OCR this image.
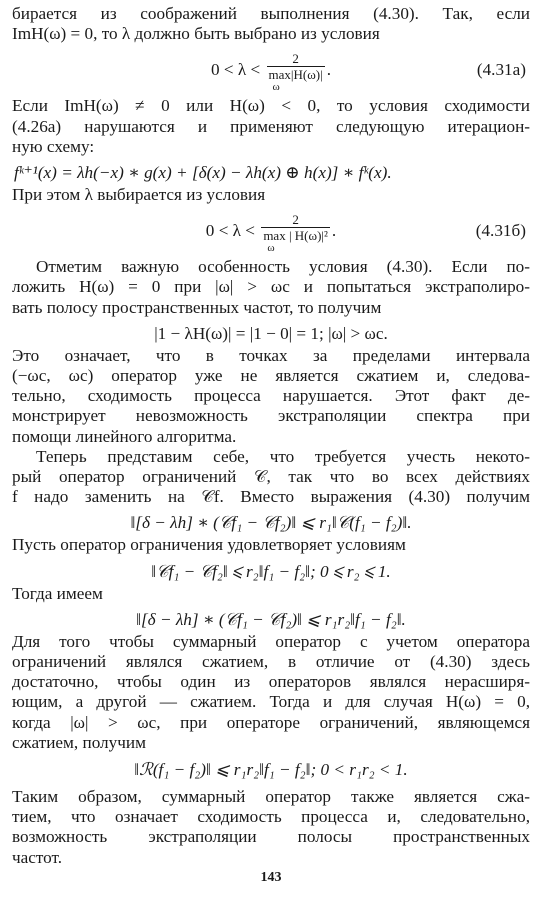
бирается из соображений выполнения (4.30). Так, если
ImH(ω) = 0, то λ должно быть выбрано из условия
0 < λ <
2
max|H(ω)|
ω
.	(4.31а)
Если ImH(ω) ≠ 0 или H(ω) < 0, то условия сходимости
(4.26а) нарушаются и применяют следующую итерацион-
ную схему:
fᵏ⁺¹(x) = λh(−x) ∗ g(x) + [δ(x) − λh(x) ⊕ h(x)] ∗ fᵏ(x).
При этом λ выбирается из условия
0 < λ <
2
max | H(ω)|²
ω
.	(4.31б)
Отметим важную особенность условия (4.30). Если по-
ложить H(ω) = 0 при |ω| > ωc и попытаться экстраполиро-
вать полосу пространственных частот, то получим
|1 − λH(ω)| = |1 − 0| = 1; |ω| > ωc.
Это означает, что в точках за пределами интервала
(−ωc, ωc) оператор уже не является сжатием и, следова-
тельно, сходимость процесса нарушается. Этот факт де-
монстрирует невозможность экстраполяции спектра при
помощи линейного алгоритма.
Теперь представим себе, что требуется учесть некото-
рый оператор ограничений 𝒞, так что во всех действиях
f надо заменить на 𝒞f. Вместо выражения (4.30) получим
‖[δ − λh] ∗ (𝒞f₁ − 𝒞f₂)‖ ⩽ r₁‖𝒞(f₁ − f₂)‖.
Пусть оператор ограничения удовлетворяет условиям
‖𝒞f₁ − 𝒞f₂‖ ⩽ r₂‖f₁ − f₂‖; 0 ⩽ r₂ ⩽ 1.
Тогда имеем
‖[δ − λh] ∗ (𝒞f₁ − 𝒞f₂)‖ ⩽ r₁r₂‖f₁ − f₂‖.
Для того чтобы суммарный оператор с учетом оператора
ограничений являлся сжатием, в отличие от (4.30) здесь
достаточно, чтобы один из операторов являлся нерасширя-
ющим, а другой — сжатием. Тогда и для случая H(ω) = 0,
когда |ω| > ωc, при операторе ограничений, являющемся
сжатием, получим
‖ℛ(f₁ − f₂)‖ ⩽ r₁r₂‖f₁ − f₂‖; 0 < r₁r₂ < 1.
Таким образом, суммарный оператор также является сжа-
тием, что означает сходимость процесса и, следовательно,
возможность экстраполяции полосы пространственных
частот.
143
